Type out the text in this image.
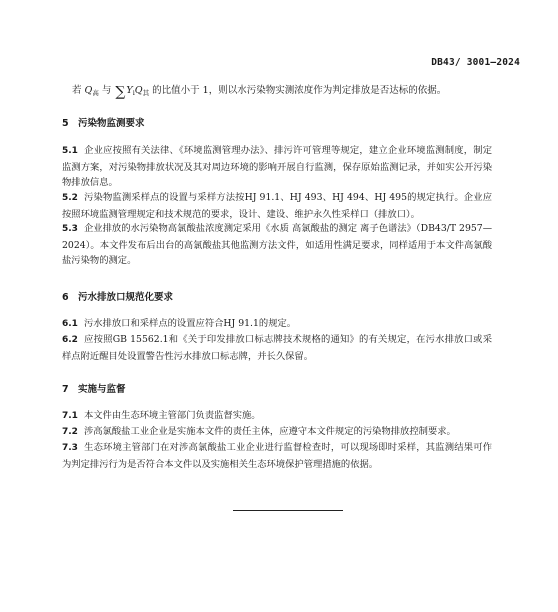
DB43/ 3001—2024
若 $Q_高$ 与 $\sum Y_iQ_其$ 的比值小于 1，则以水污染物实测浓度作为判定排放是否达标的依据。
5 污染物监测要求
5.1 企业应按照有关法律、《环境监测管理办法》、排污许可管理等规定，建立企业环境监测制度，制定监测方案，对污染物排放状况及其对周边环境的影响开展自行监测，保存原始监测记录，并如实公开污染物排放信息。
5.2 污染物监测采样点的设置与采样方法按HJ 91.1、HJ 493、HJ 494、HJ 495的规定执行。企业应按照环境监测管理规定和技术规范的要求，设计、建设、维护永久性采样口（排放口）。
5.3 企业排放的水污染物高氯酸盐浓度测定采用《水质 高氯酸盐的测定 离子色谱法》（DB43/T 2957—2024）。本文件发布后出台的高氯酸盐其他监测方法文件，如适用性满足要求，同样适用于本文件高氯酸盐污染物的测定。
6 污水排放口规范化要求
6.1 污水排放口和采样点的设置应符合HJ 91.1的规定。
6.2 应按照GB 15562.1和《关于印发排放口标志牌技术规格的通知》的有关规定，在污水排放口或采样点附近醒目处设置警告性污水排放口标志牌，并长久保留。
7 实施与监督
7.1 本文件由生态环境主管部门负责监督实施。
7.2 涉高氯酸盐工业企业是实施本文件的责任主体，应遵守本文件规定的污染物排放控制要求。
7.3 生态环境主管部门在对涉高氯酸盐工业企业进行监督检查时，可以现场即时采样，其监测结果可作为判定排污行为是否符合本文件以及实施相关生态环境保护管理措施的依据。
